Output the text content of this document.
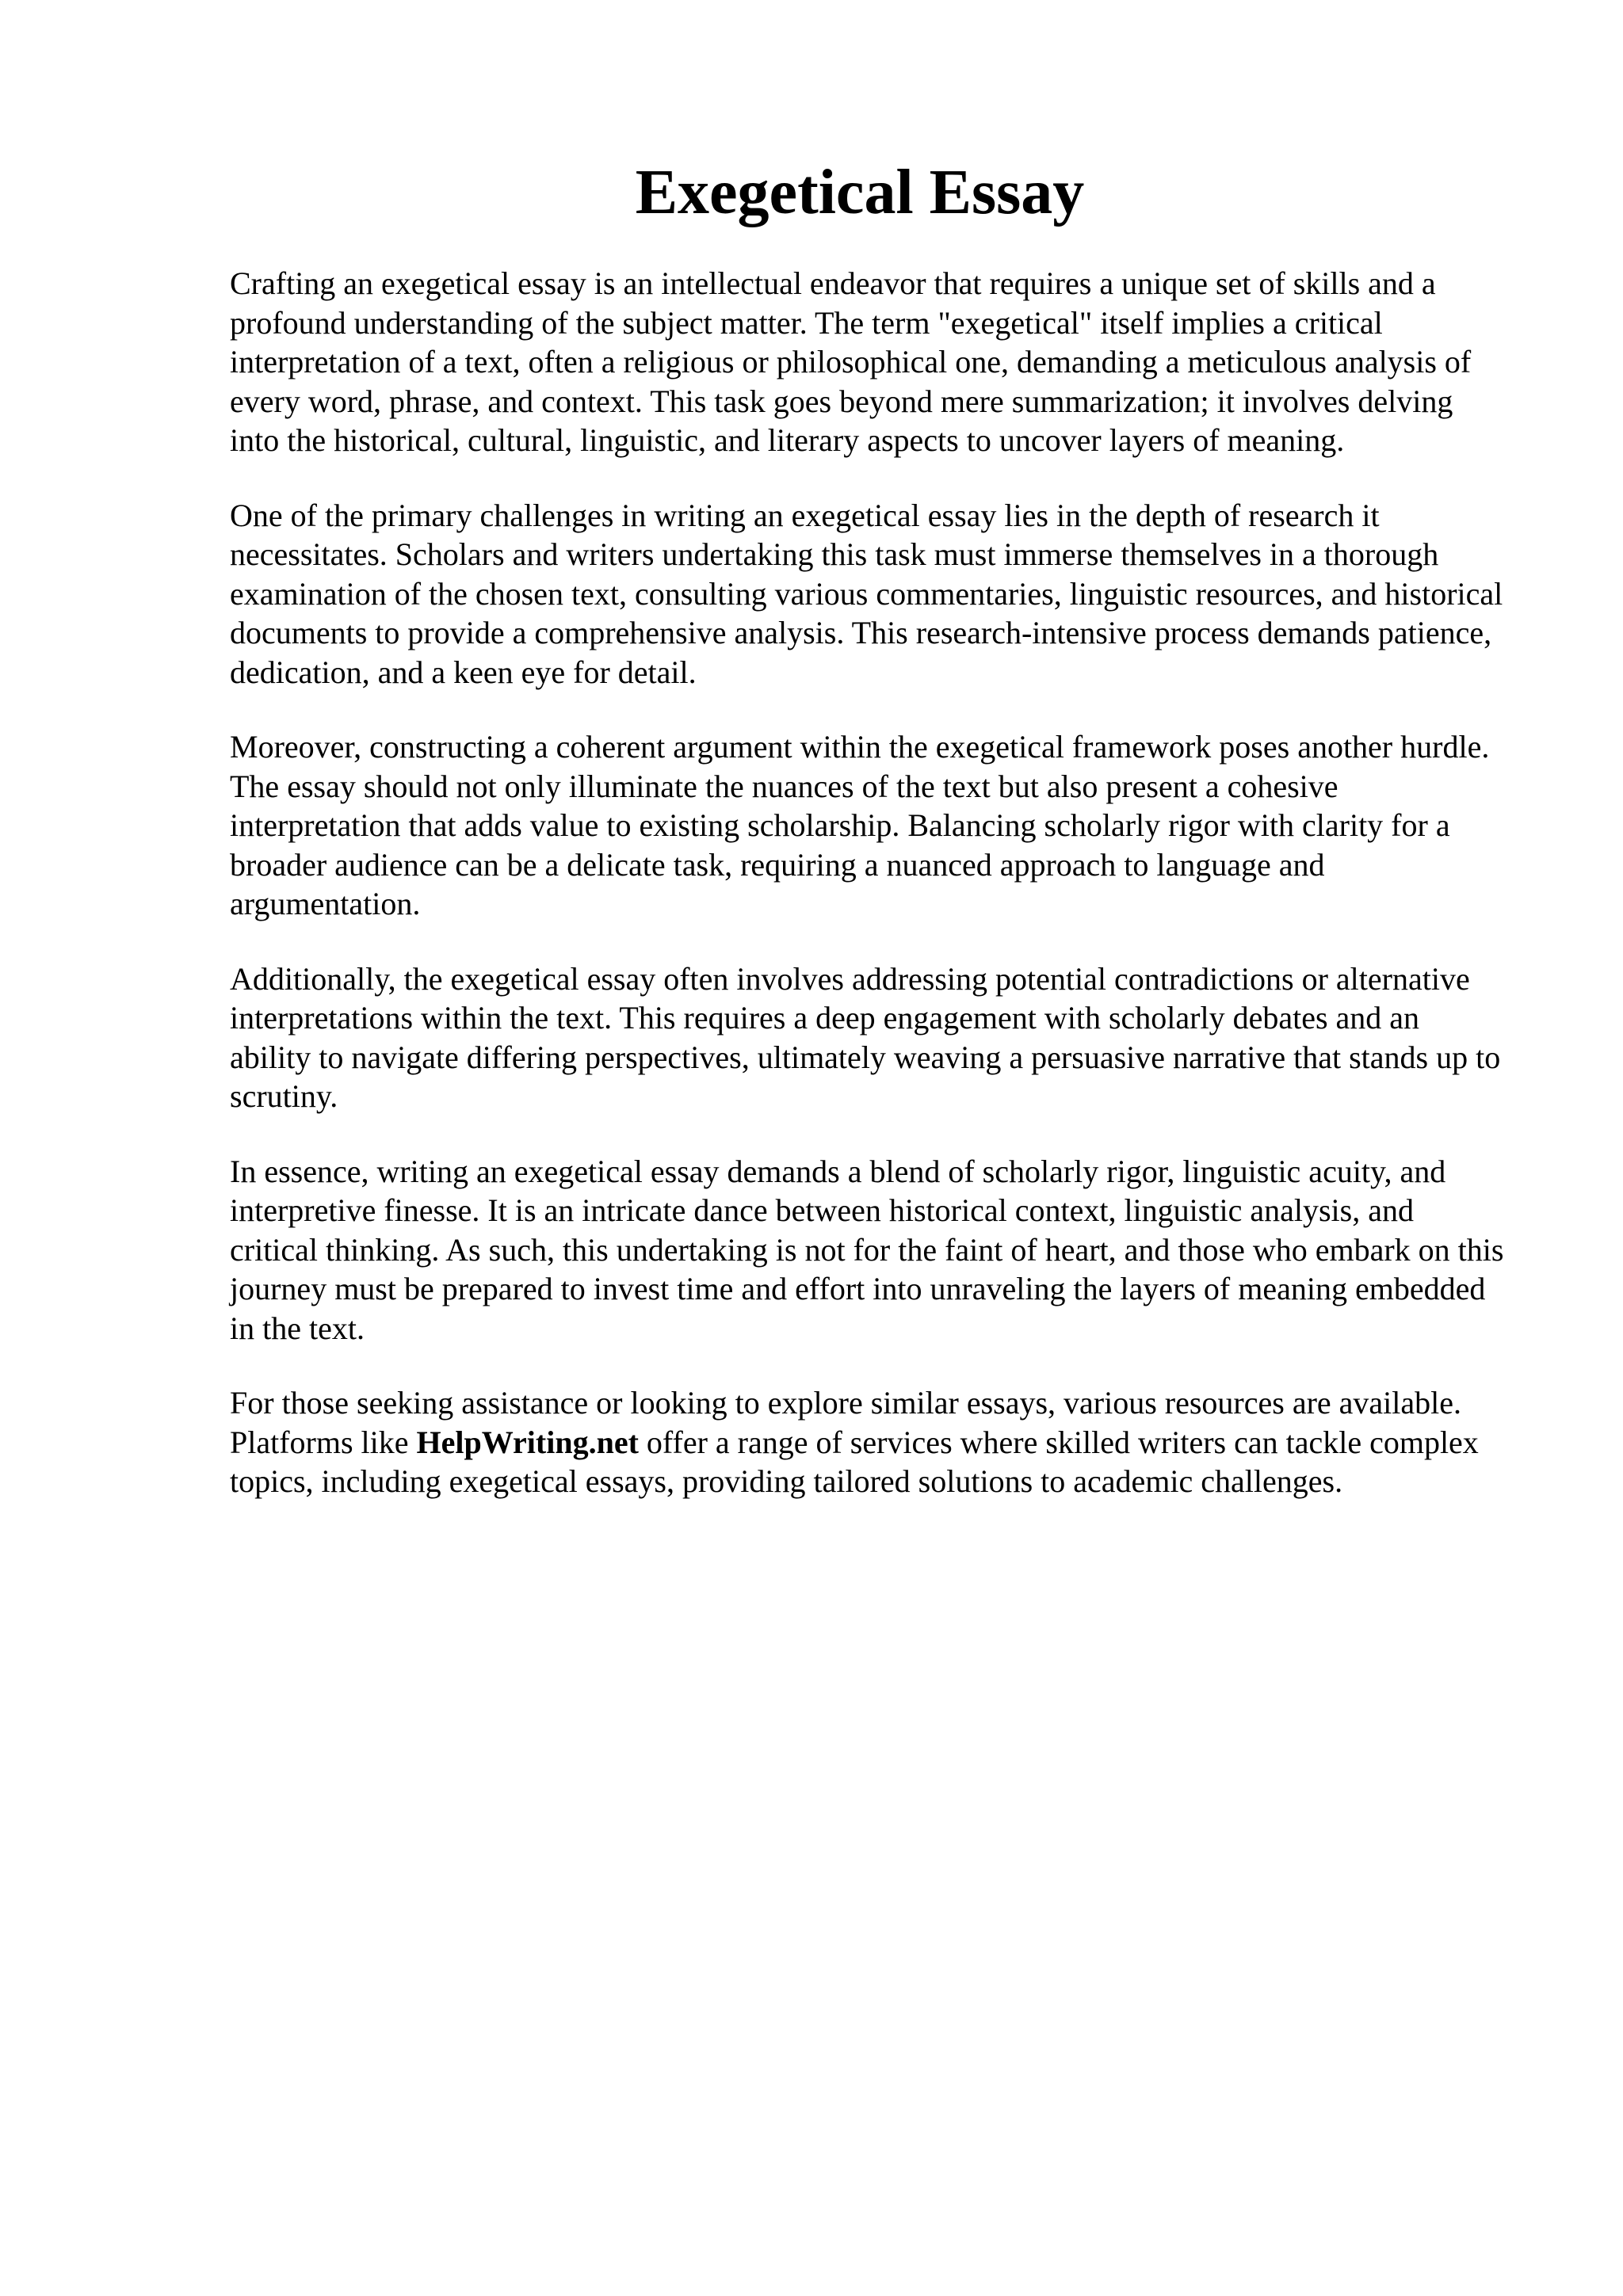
Exegetical Essay

Crafting an exegetical essay is an intellectual endeavor that requires a unique set of skills and a profound understanding of the subject matter. The term "exegetical" itself implies a critical interpretation of a text, often a religious or philosophical one, demanding a meticulous analysis of every word, phrase, and context. This task goes beyond mere summarization; it involves delving into the historical, cultural, linguistic, and literary aspects to uncover layers of meaning.

One of the primary challenges in writing an exegetical essay lies in the depth of research it necessitates. Scholars and writers undertaking this task must immerse themselves in a thorough examination of the chosen text, consulting various commentaries, linguistic resources, and historical documents to provide a comprehensive analysis. This research-intensive process demands patience, dedication, and a keen eye for detail.

Moreover, constructing a coherent argument within the exegetical framework poses another hurdle. The essay should not only illuminate the nuances of the text but also present a cohesive interpretation that adds value to existing scholarship. Balancing scholarly rigor with clarity for a broader audience can be a delicate task, requiring a nuanced approach to language and argumentation.

Additionally, the exegetical essay often involves addressing potential contradictions or alternative interpretations within the text. This requires a deep engagement with scholarly debates and an ability to navigate differing perspectives, ultimately weaving a persuasive narrative that stands up to scrutiny.

In essence, writing an exegetical essay demands a blend of scholarly rigor, linguistic acuity, and interpretive finesse. It is an intricate dance between historical context, linguistic analysis, and critical thinking. As such, this undertaking is not for the faint of heart, and those who embark on this journey must be prepared to invest time and effort into unraveling the layers of meaning embedded in the text.

For those seeking assistance or looking to explore similar essays, various resources are available. Platforms like HelpWriting.net offer a range of services where skilled writers can tackle complex topics, including exegetical essays, providing tailored solutions to academic challenges.
